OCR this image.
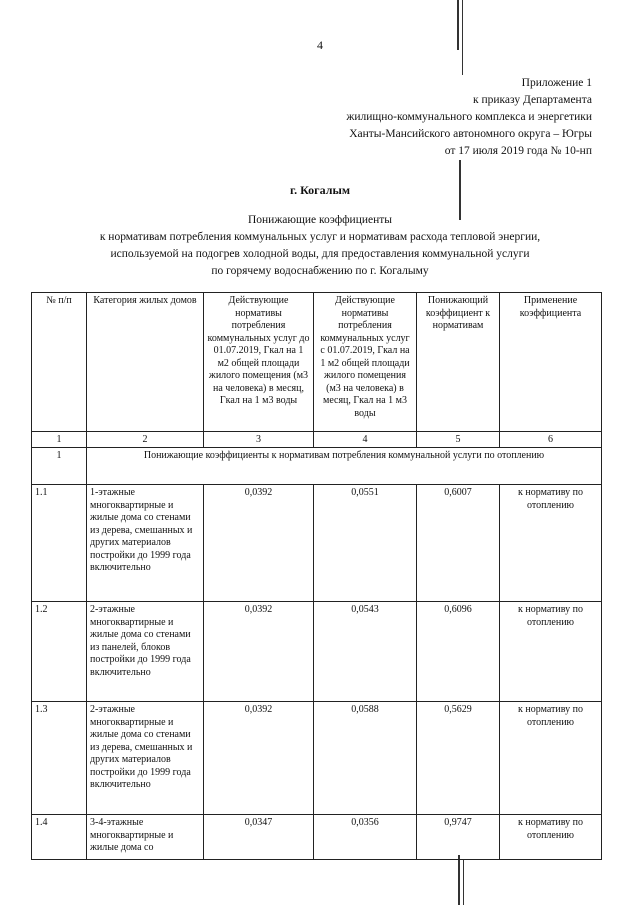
4
Приложение 1
к приказу Департамента
жилищно-коммунального комплекса и энергетики
Ханты-Мансийского автономного округа – Югры
от 17 июля 2019 года № 10-нп
г. Когалым
Понижающие коэффициенты
к нормативам потребления коммунальных услуг и нормативам расхода тепловой энергии,
используемой на подогрев холодной воды, для предоставления коммунальной услуги
по горячему водоснабжению по г. Когалыму
№ п/п	Категория жилых домов	Действующие нормативы потребления коммунальных услуг до 01.07.2019, Гкал на 1 м2 общей площади жилого помещения (м3 на человека) в месяц, Гкал на 1 м3 воды	Действующие нормативы потребления коммунальных услуг с 01.07.2019, Гкал на 1 м2 общей площади жилого помещения (м3 на человека) в месяц, Гкал на 1 м3 воды	Понижающий коэффициент к нормативам	Применение коэффициента
1	2	3	4	5	6
1	Понижающие коэффициенты к нормативам потребления коммунальной услуги по отоплению				
1.1	1-этажные многоквартирные и жилые дома со стенами из дерева, смешанных и других материалов постройки до 1999 года включительно	0,0392	0,0551	0,6007	к нормативу по отоплению
1.2	2-этажные многоквартирные и жилые дома со стенами из панелей, блоков постройки до 1999 года включительно	0,0392	0,0543	0,6096	к нормативу по отоплению
1.3	2-этажные многоквартирные и жилые дома со стенами из дерева, смешанных и других материалов постройки до 1999 года включительно	0,0392	0,0588	0,5629	к нормативу по отоплению
1.4	3-4-этажные многоквартирные и жилые дома со	0,0347	0,0356	0,9747	к нормативу по отоплению
